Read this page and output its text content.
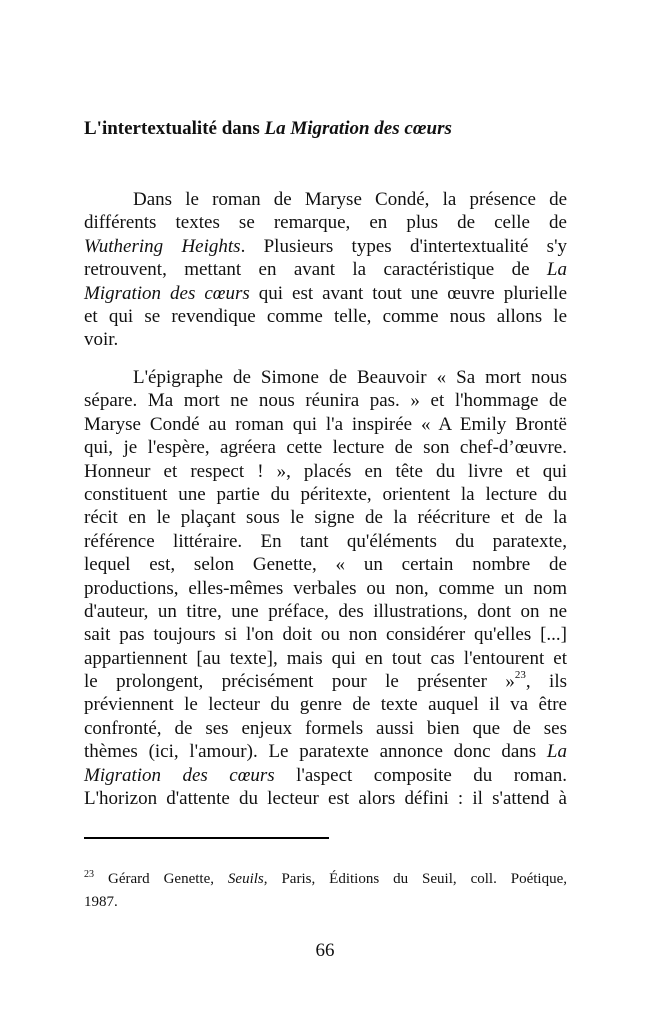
L'intertextualité dans La Migration des cœurs
Dans le roman de Maryse Condé, la présence de
différents textes se remarque, en plus de celle de
Wuthering Heights. Plusieurs types d'intertextualité s'y
retrouvent, mettant en avant la caractéristique de La
Migration des cœurs qui est avant tout une œuvre plurielle
et qui se revendique comme telle, comme nous allons le
voir.
L'épigraphe de Simone de Beauvoir « Sa mort nous
sépare. Ma mort ne nous réunira pas. » et l'hommage de
Maryse Condé au roman qui l'a inspirée « A Emily Brontë
qui, je l'espère, agréera cette lecture de son chef-d’œuvre.
Honneur et respect ! », placés en tête du livre et qui
constituent une partie du péritexte, orientent la lecture du
récit en le plaçant sous le signe de la réécriture et de la
référence littéraire. En tant qu'éléments du paratexte,
lequel est, selon Genette, « un certain nombre de
productions, elles-mêmes verbales ou non, comme un nom
d'auteur, un titre, une préface, des illustrations, dont on ne
sait pas toujours si l'on doit ou non considérer qu'elles [...]
appartiennent [au texte], mais qui en tout cas l'entourent et
le prolongent, précisément pour le présenter »$^{23}$, ils
préviennent le lecteur du genre de texte auquel il va être
confronté, de ses enjeux formels aussi bien que de ses
thèmes (ici, l'amour). Le paratexte annonce donc dans La
Migration des cœurs l'aspect composite du roman.
L'horizon d'attente du lecteur est alors défini : il s'attend à
$^{23}$ Gérard Genette, Seuils, Paris, Éditions du Seuil, coll. Poétique,
1987.
66
